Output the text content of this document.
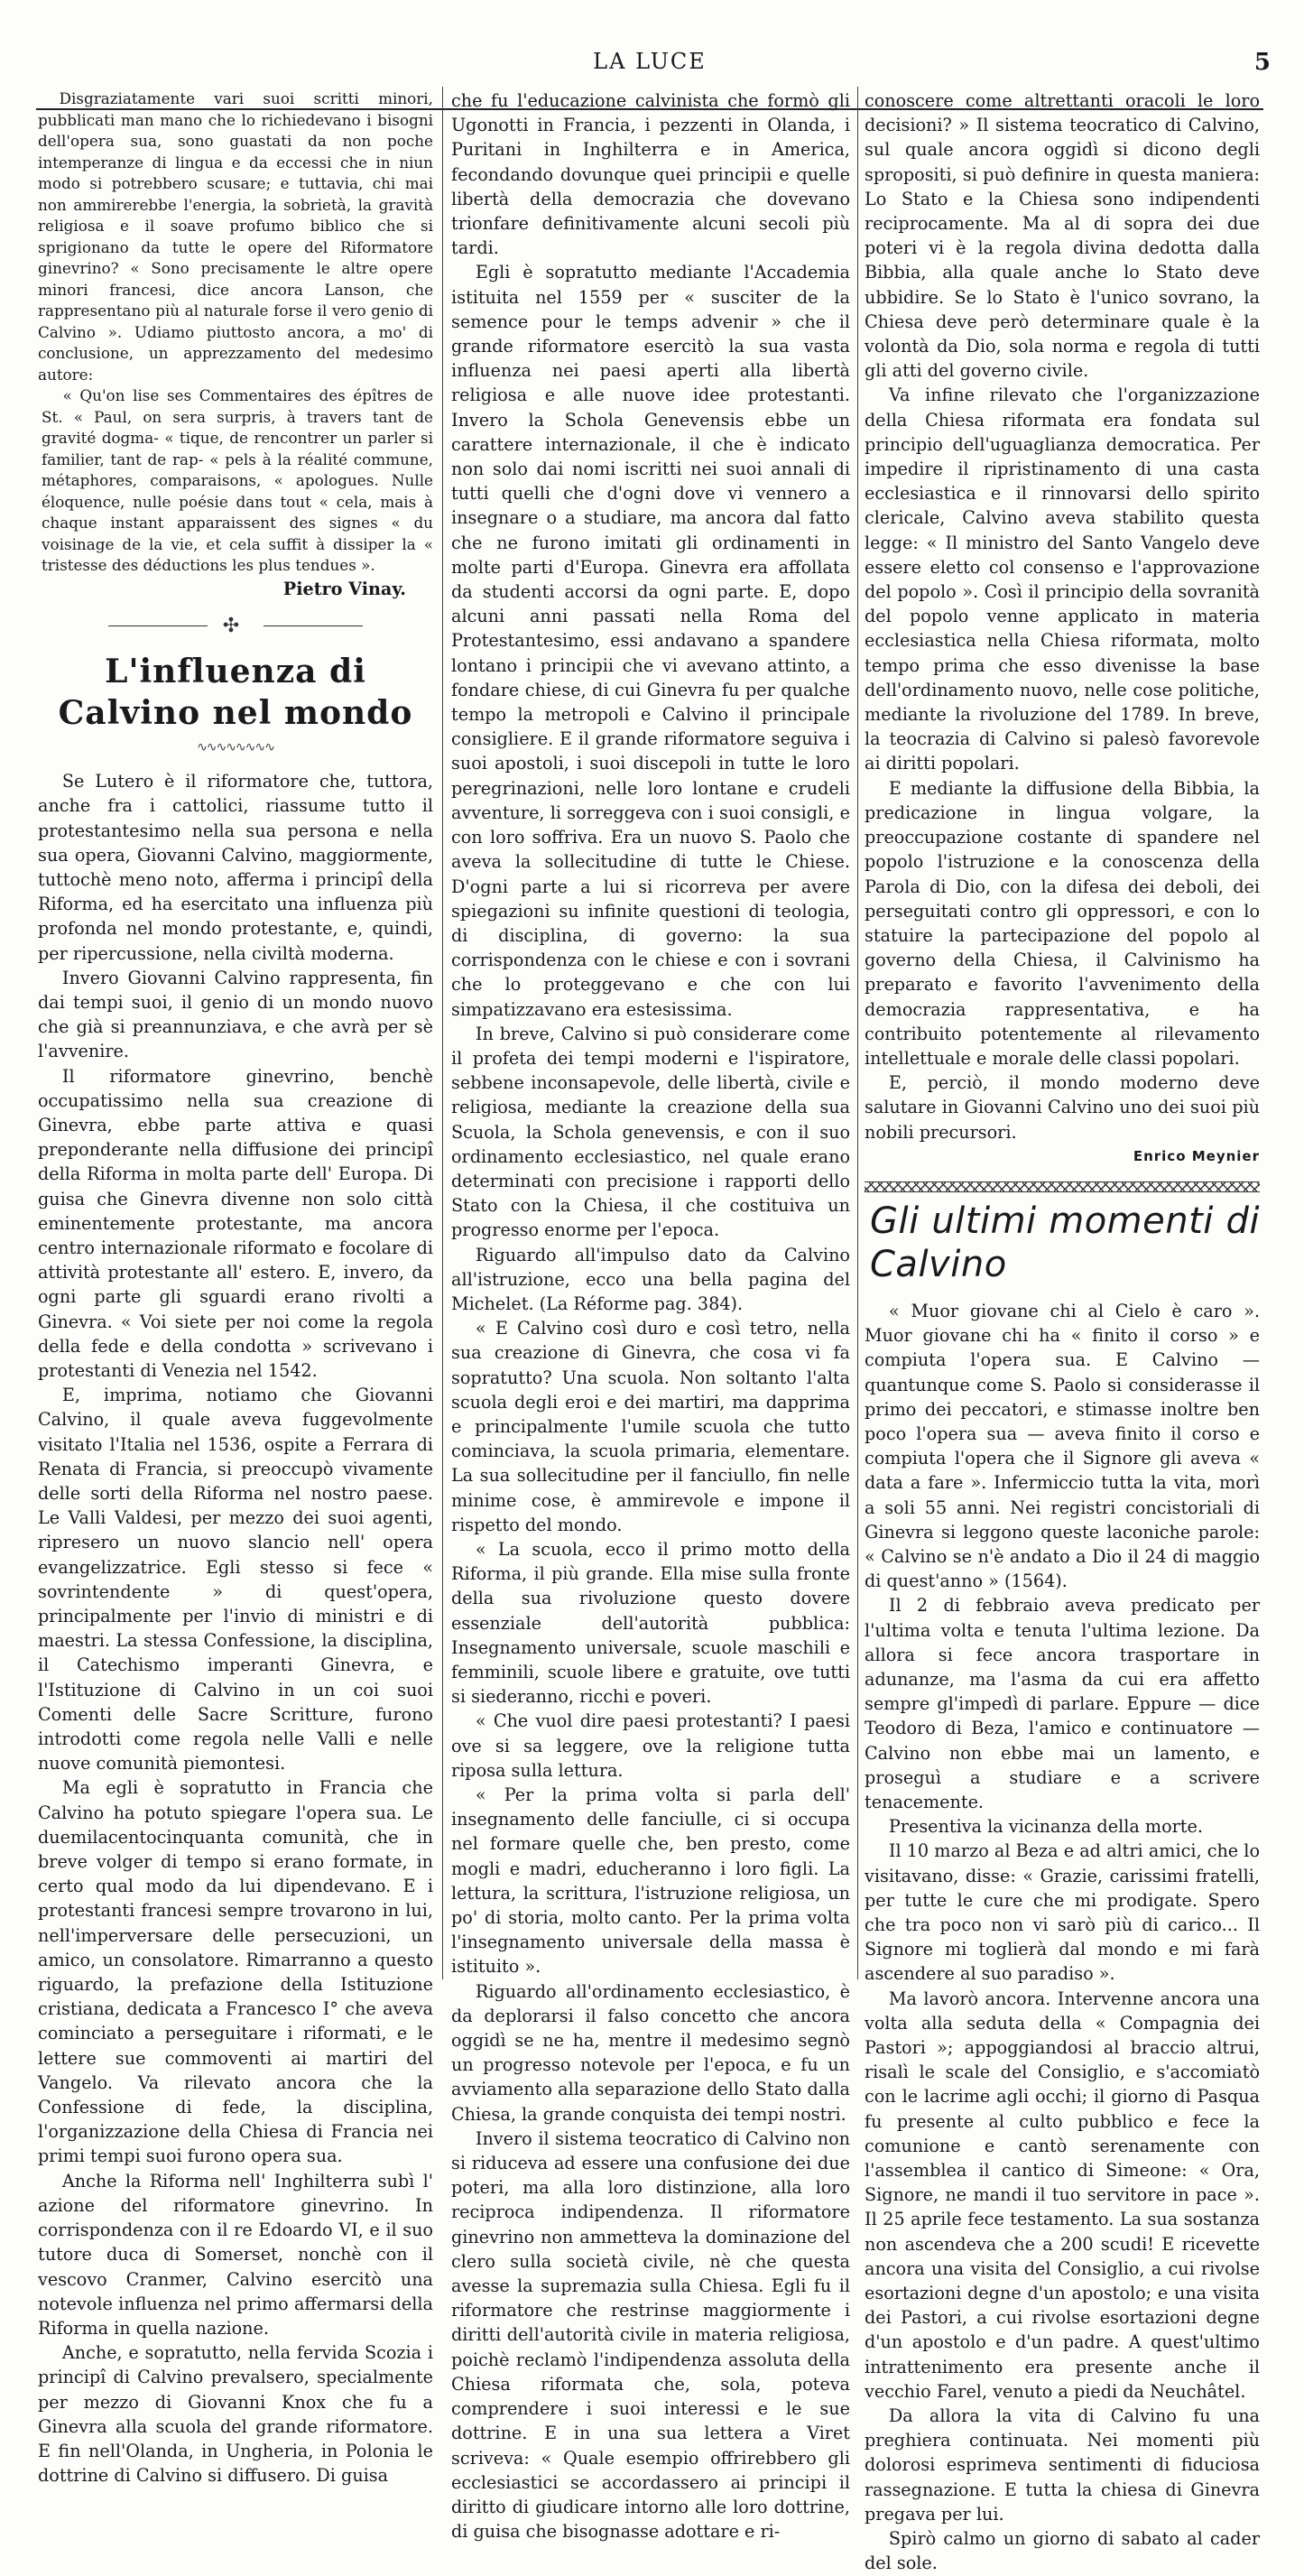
LA LUCE	5

Disgraziatamente vari suoi scritti minori, pubblicati man mano che lo richiedevano i bisogni dell'opera sua, sono guastati da non poche intemperanze di lingua e da eccessi che in niun modo si potrebbero scusare; e tuttavia, chi mai non ammirerebbe l'energia, la sobrietà, la gravità religiosa e il soave profumo biblico che si sprigionano da tutte le opere del Riformatore ginevrino? « Sono precisamente le altre opere minori francesi, dice ancora Lanson, che rappresentano più al naturale forse il vero genio di Calvino ». Udiamo piuttosto ancora, a mo' di conclusione, un apprezzamento del medesimo autore:

« Qu'on lise ses Commentaires des épîtres de St. « Paul, on sera surpris, à travers tant de gravité dogma- « tique, de rencontrer un parler si familier, tant de rap- « pels à la réalité commune, métaphores, comparaisons, « apologues. Nulle éloquence, nulle poésie dans tout « cela, mais à chaque instant apparaissent des signes « du voisinage de la vie, et cela suffit à dissiper la « tristesse des déductions les plus tendues ».

Pietro Vinay.

✣
L'influenza di Calvino nel mondo
∿∿∿∿∿∿∿∿

Se Lutero è il riformatore che, tuttora, anche fra i cattolici, riassume tutto il protestantesimo nella sua persona e nella sua opera, Giovanni Calvino, maggiormente, tuttochè meno noto, afferma i principî della Riforma, ed ha esercitato una influenza più profonda nel mondo protestante, e, quindi, per ripercussione, nella civiltà moderna.

Invero Giovanni Calvino rappresenta, fin dai tempi suoi, il genio di un mondo nuovo che già si preannunziava, e che avrà per sè l'avvenire.

Il riformatore ginevrino, benchè occupatissimo nella sua creazione di Ginevra, ebbe parte attiva e quasi preponderante nella diffusione dei principî della Riforma in molta parte dell' Europa. Di guisa che Ginevra divenne non solo città eminentemente protestante, ma ancora centro internazionale riformato e focolare di attività protestante all' estero. E, invero, da ogni parte gli sguardi erano rivolti a Ginevra. « Voi siete per noi come la regola della fede e della condotta » scrivevano i protestanti di Venezia nel 1542.

E, imprima, notiamo che Giovanni Calvino, il quale aveva fuggevolmente visitato l'Italia nel 1536, ospite a Ferrara di Renata di Francia, si preoccupò vivamente delle sorti della Riforma nel nostro paese. Le Valli Valdesi, per mezzo dei suoi agenti, ripresero un nuovo slancio nell' opera evangelizzatrice. Egli stesso si fece « sovrintendente » di quest'opera, principalmente per l'invio di ministri e di maestri. La stessa Confessione, la disciplina, il Catechismo imperanti Ginevra, e l'Istituzione di Calvino in un coi suoi Comenti delle Sacre Scritture, furono introdotti come regola nelle Valli e nelle nuove comunità piemontesi.

Ma egli è sopratutto in Francia che Calvino ha potuto spiegare l'opera sua. Le duemilacentocinquanta comunità, che in breve volger di tempo si erano formate, in certo qual modo da lui dipendevano. E i protestanti francesi sempre trovarono in lui, nell'imperversare delle persecuzioni, un amico, un consolatore. Rimarranno a questo riguardo, la prefazione della Istituzione cristiana, dedicata a Francesco I° che aveva cominciato a perseguitare i riformati, e le lettere sue commoventi ai martiri del Vangelo. Va rilevato ancora che la Confessione di fede, la disciplina, l'organizzazione della Chiesa di Francia nei primi tempi suoi furono opera sua.

Anche la Riforma nell' Inghilterra subì l' azione del riformatore ginevrino. In corrispondenza con il re Edoardo VI, e il suo tutore duca di Somerset, nonchè con il vescovo Cranmer, Calvino esercitò una notevole influenza nel primo affermarsi della Riforma in quella nazione.

Anche, e sopratutto, nella fervida Scozia i principî di Calvino prevalsero, specialmente per mezzo di Giovanni Knox che fu a Ginevra alla scuola del grande riformatore. E fin nell'Olanda, in Ungheria, in Polonia le dottrine di Calvino si diffusero. Di guisa

che fu l'educazione calvinista che formò gli Ugonotti in Francia, i pezzenti in Olanda, i Puritani in Inghilterra e in America, fecondando dovunque quei principii e quelle libertà della democrazia che dovevano trionfare definitivamente alcuni secoli più tardi.

Egli è sopratutto mediante l'Accademia istituita nel 1559 per « susciter de la semence pour le temps advenir » che il grande riformatore esercitò la sua vasta influenza nei paesi aperti alla libertà religiosa e alle nuove idee protestanti. Invero la Schola Genevensis ebbe un carattere internazionale, il che è indicato non solo dai nomi iscritti nei suoi annali di tutti quelli che d'ogni dove vi vennero a insegnare o a studiare, ma ancora dal fatto che ne furono imitati gli ordinamenti in molte parti d'Europa. Ginevra era affollata da studenti accorsi da ogni parte. E, dopo alcuni anni passati nella Roma del Protestantesimo, essi andavano a spandere lontano i principii che vi avevano attinto, a fondare chiese, di cui Ginevra fu per qualche tempo la metropoli e Calvino il principale consigliere. E il grande riformatore seguiva i suoi apostoli, i suoi discepoli in tutte le loro peregrinazioni, nelle loro lontane e crudeli avventure, li sorreggeva con i suoi consigli, e con loro soffriva. Era un nuovo S. Paolo che aveva la sollecitudine di tutte le Chiese. D'ogni parte a lui si ricorreva per avere spiegazioni su infinite questioni di teologia, di disciplina, di governo: la sua corrispondenza con le chiese e con i sovrani che lo proteggevano e che con lui simpatizzavano era estesissima.

In breve, Calvino si può considerare come il profeta dei tempi moderni e l'ispiratore, sebbene inconsapevole, delle libertà, civile e religiosa, mediante la creazione della sua Scuola, la Schola genevensis, e con il suo ordinamento ecclesiastico, nel quale erano determinati con precisione i rapporti dello Stato con la Chiesa, il che costituiva un progresso enorme per l'epoca.

Riguardo all'impulso dato da Calvino all'istruzione, ecco una bella pagina del Michelet. (La Réforme pag. 384).

« E Calvino così duro e così tetro, nella sua creazione di Ginevra, che cosa vi fa sopratutto? Una scuola. Non soltanto l'alta scuola degli eroi e dei martiri, ma dapprima e principalmente l'umile scuola che tutto cominciava, la scuola primaria, elementare. La sua sollecitudine per il fanciullo, fin nelle minime cose, è ammirevole e impone il rispetto del mondo.

« La scuola, ecco il primo motto della Riforma, il più grande. Ella mise sulla fronte della sua rivoluzione questo dovere essenziale dell'autorità pubblica: Insegnamento universale, scuole maschili e femminili, scuole libere e gratuite, ove tutti si siederanno, ricchi e poveri.

« Che vuol dire paesi protestanti? I paesi ove si sa leggere, ove la religione tutta riposa sulla lettura.

« Per la prima volta si parla dell' insegnamento delle fanciulle, ci si occupa nel formare quelle che, ben presto, come mogli e madri, educheranno i loro figli. La lettura, la scrittura, l'istruzione religiosa, un po' di storia, molto canto. Per la prima volta l'insegnamento universale della massa è istituito ».

Riguardo all'ordinamento ecclesiastico, è da deplorarsi il falso concetto che ancora oggidì se ne ha, mentre il medesimo segnò un progresso notevole per l'epoca, e fu un avviamento alla separazione dello Stato dalla Chiesa, la grande conquista dei tempi nostri.

Invero il sistema teocratico di Calvino non si riduceva ad essere una confusione dei due poteri, ma alla loro distinzione, alla loro reciproca indipendenza. Il riformatore ginevrino non ammetteva la dominazione del clero sulla società civile, nè che questa avesse la supremazia sulla Chiesa. Egli fu il riformatore che restrinse maggiormente i diritti dell'autorità civile in materia religiosa, poichè reclamò l'indipendenza assoluta della Chiesa riformata che, sola, poteva comprendere i suoi interessi e le sue dottrine. E in una sua lettera a Viret scriveva: « Quale esempio offrirebbero gli ecclesiastici se accordassero ai principi il diritto di giudicare intorno alle loro dottrine, di guisa che bisognasse adottare e ri-

conoscere come altrettanti oracoli le loro decisioni? » Il sistema teocratico di Calvino, sul quale ancora oggidì si dicono degli spropositi, si può definire in questa maniera: Lo Stato e la Chiesa sono indipendenti reciprocamente. Ma al di sopra dei due poteri vi è la regola divina dedotta dalla Bibbia, alla quale anche lo Stato deve ubbidire. Se lo Stato è l'unico sovrano, la Chiesa deve però determinare quale è la volontà da Dio, sola norma e regola di tutti gli atti del governo civile.

Va infine rilevato che l'organizzazione della Chiesa riformata era fondata sul principio dell'uguaglianza democratica. Per impedire il ripristinamento di una casta ecclesiastica e il rinnovarsi dello spirito clericale, Calvino aveva stabilito questa legge: « Il ministro del Santo Vangelo deve essere eletto col consenso e l'approvazione del popolo ». Così il principio della sovranità del popolo venne applicato in materia ecclesiastica nella Chiesa riformata, molto tempo prima che esso divenisse la base dell'ordinamento nuovo, nelle cose politiche, mediante la rivoluzione del 1789. In breve, la teocrazia di Calvino si palesò favorevole ai diritti popolari.

E mediante la diffusione della Bibbia, la predicazione in lingua volgare, la preoccupazione costante di spandere nel popolo l'istruzione e la conoscenza della Parola di Dio, con la difesa dei deboli, dei perseguitati contro gli oppressori, e con lo statuire la partecipazione del popolo al governo della Chiesa, il Calvinismo ha preparato e favorito l'avvenimento della democrazia rappresentativa, e ha contribuito potentemente al rilevamento intellettuale e morale delle classi popolari.

E, perciò, il mondo moderno deve salutare in Giovanni Calvino uno dei suoi più nobili precursori.

Enrico Meynier

Gli ultimi momenti di Calvino

« Muor giovane chi al Cielo è caro ». Muor giovane chi ha « finito il corso » e compiuta l'opera sua. E Calvino — quantunque come S. Paolo si considerasse il primo dei peccatori, e stimasse inoltre ben poco l'opera sua — aveva finito il corso e compiuta l'opera che il Signore gli aveva « data a fare ». Infermiccio tutta la vita, morì a soli 55 anni. Nei registri concistoriali di Ginevra si leggono queste laconiche parole: « Calvino se n'è andato a Dio il 24 di maggio di quest'anno » (1564).

Il 2 di febbraio aveva predicato per l'ultima volta e tenuta l'ultima lezione. Da allora si fece ancora trasportare in adunanze, ma l'asma da cui era affetto sempre gl'impedì di parlare. Eppure — dice Teodoro di Beza, l'amico e continuatore — Calvino non ebbe mai un lamento, e proseguì a studiare e a scrivere tenacemente.

Presentiva la vicinanza della morte.

Il 10 marzo al Beza e ad altri amici, che lo visitavano, disse: « Grazie, carissimi fratelli, per tutte le cure che mi prodigate. Spero che tra poco non vi sarò più di carico... Il Signore mi toglierà dal mondo e mi farà ascendere al suo paradiso ».

Ma lavorò ancora. Intervenne ancora una volta alla seduta della « Compagnia dei Pastori »; appoggiandosi al braccio altrui, risalì le scale del Consiglio, e s'accomiatò con le lacrime agli occhi; il giorno di Pasqua fu presente al culto pubblico e fece la comunione e cantò serenamente con l'assemblea il cantico di Simeone: « Ora, Signore, ne mandi il tuo servitore in pace ». Il 25 aprile fece testamento. La sua sostanza non ascendeva che a 200 scudi! E ricevette ancora una visita del Consiglio, a cui rivolse esortazioni degne d'un apostolo; e una visita dei Pastori, a cui rivolse esortazioni degne d'un apostolo e d'un padre. A quest'ultimo intrattenimento era presente anche il vecchio Farel, venuto a piedi da Neuchâtel.

Da allora la vita di Calvino fu una preghiera continuata. Nei momenti più dolorosi esprimeva sentimenti di fiduciosa rassegnazione. E tutta la chiesa di Ginevra pregava per lui.

Spirò calmo un giorno di sabato al cader del sole.
